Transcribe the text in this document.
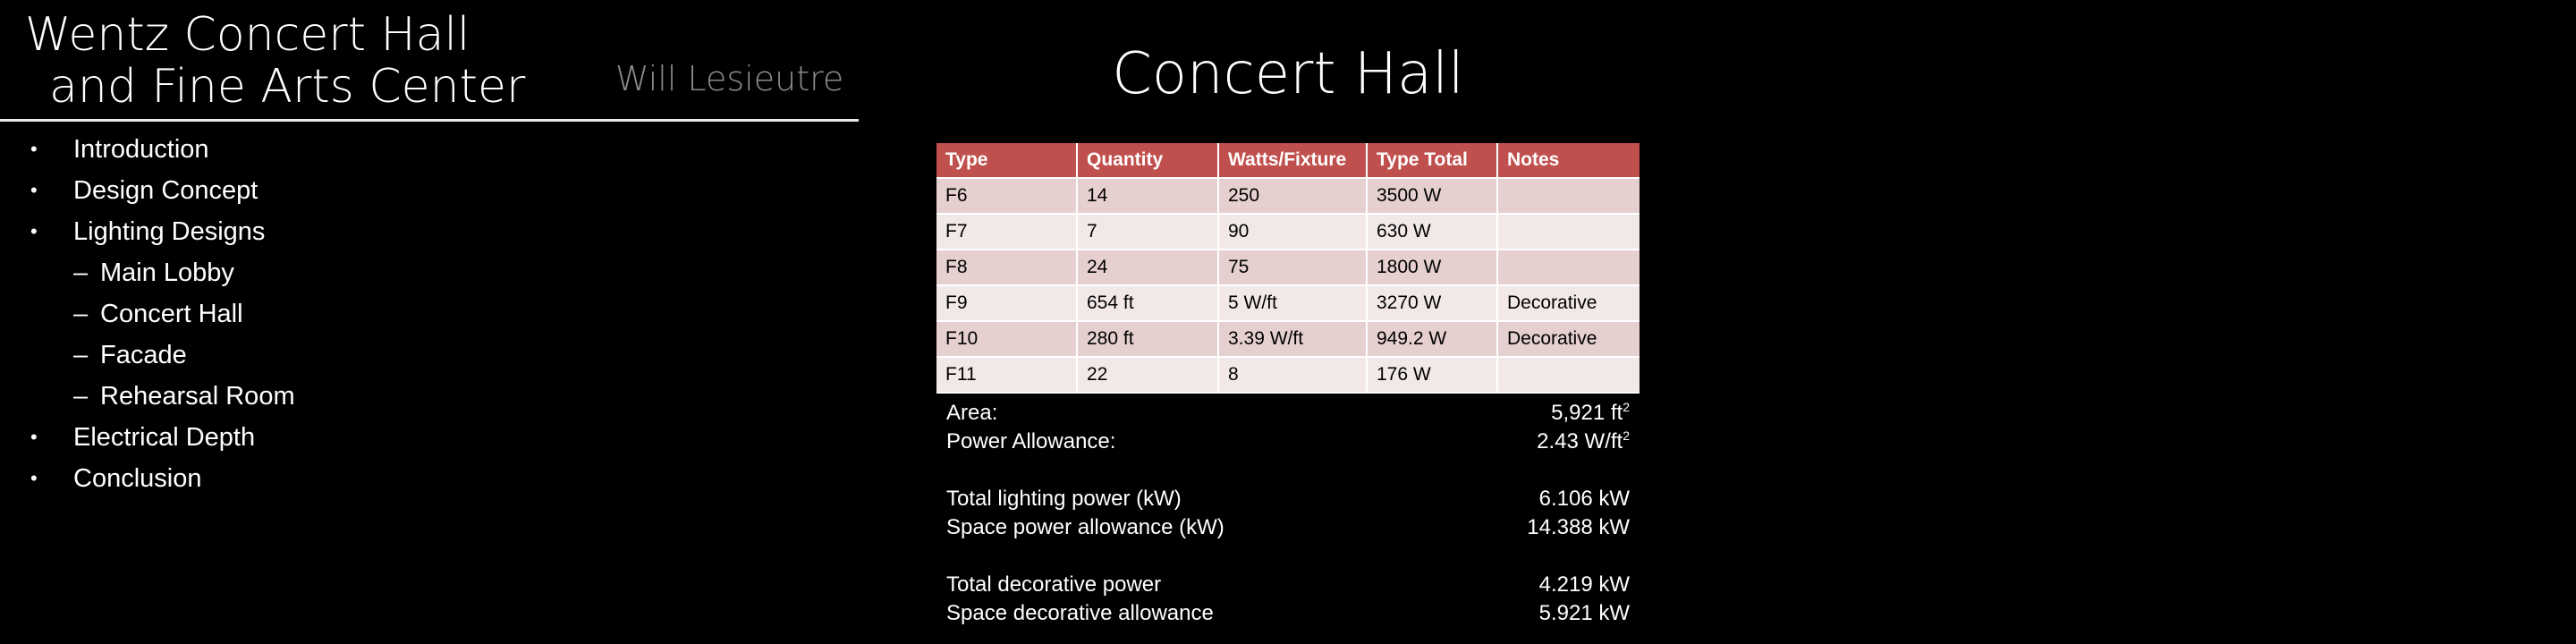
Wentz Concert Hall
and Fine Arts Center	Will Lesieutre
• Introduction
• Design Concept
• Lighting Designs
– Main Lobby
– Concert Hall
– Facade
– Rehearsal Room
• Electrical Depth
• Conclusion
Concert Hall
Type	Quantity	Watts/Fixture	Type Total	Notes
F6	14	250	3500 W	
F7	7	90	630 W	
F8	24	75	1800 W	
F9	654 ft	5 W/ft	3270 W	Decorative
F10	280 ft	3.39 W/ft	949.2 W	Decorative
F11	22	8	176 W	
Area:	5,921 $ft^2$
Power Allowance:	2.43 $W/ft^2$
Total lighting power (kW)	6.106 kW
Space power allowance (kW)	14.388 kW
Total decorative power	4.219 kW
Space decorative allowance	5.921 kW
